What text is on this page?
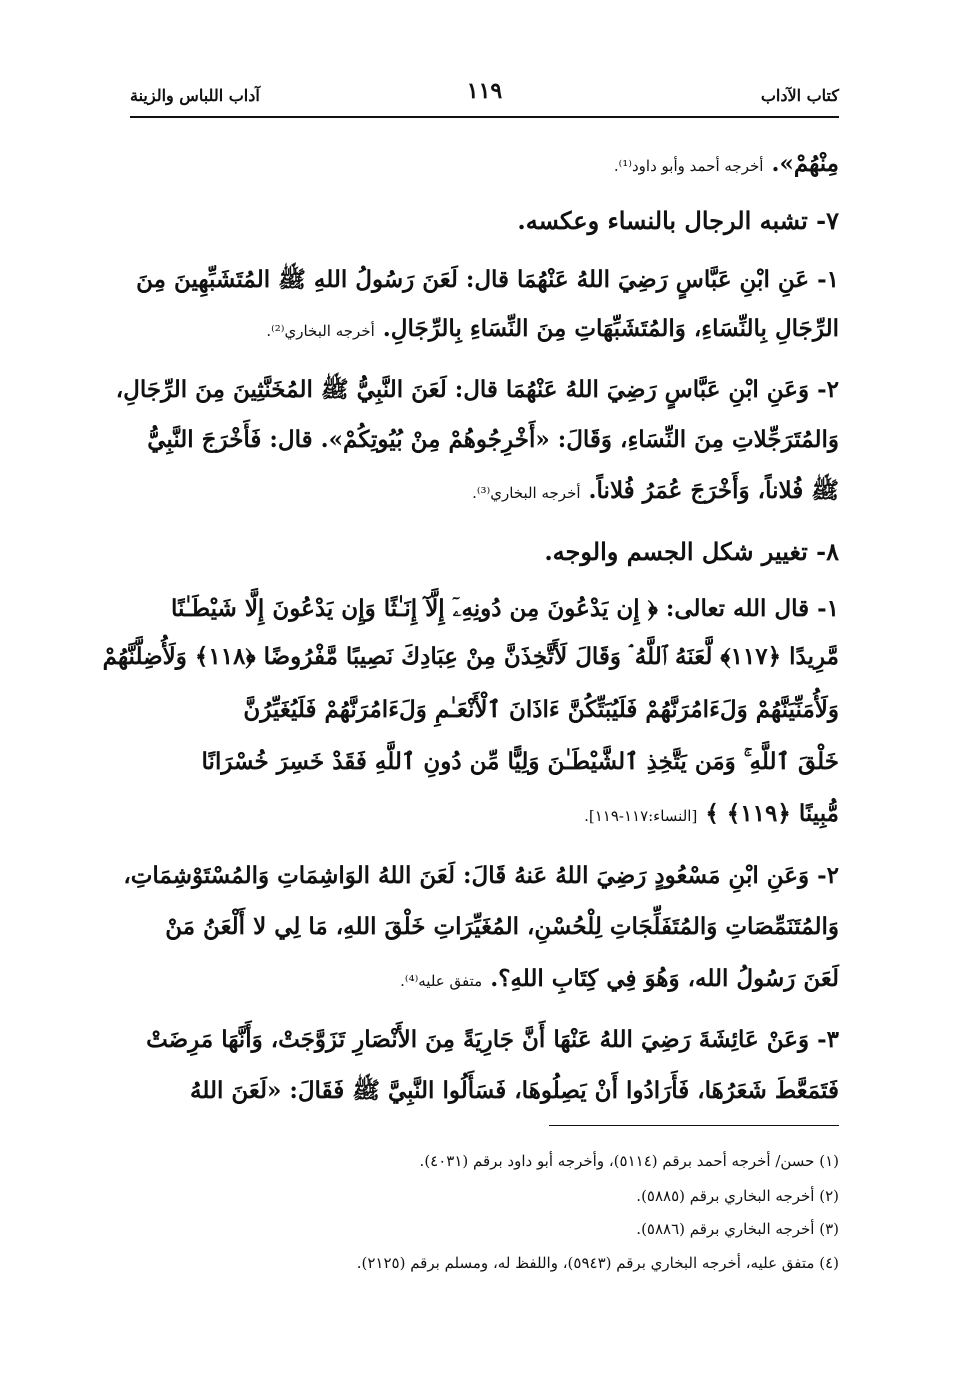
كتاب الآداب
١١٩
آداب اللباس والزينة
مِنْهُمْ». أخرجه أحمد وأبو داود⁽¹⁾.
٧- تشبه الرجال بالنساء وعكسه.
١- عَنِ ابْنِ عَبَّاسٍ رَضِيَ اللهُ عَنْهُمَا قال: لَعَنَ رَسُولُ اللهِ ﷺ المُتَشَبِّهِينَ مِنَ
الرِّجَالِ بِالنِّسَاءِ، وَالمُتَشَبِّهَاتِ مِنَ النِّسَاءِ بِالرِّجَالِ. أخرجه البخاري⁽²⁾.
٢- وَعَنِ ابْنِ عَبَّاسٍ رَضِيَ اللهُ عَنْهُمَا قال: لَعَنَ النَّبِيُّ ﷺ المُخَنَّثِينَ مِنَ الرِّجَالِ،
وَالمُتَرَجِّلاتِ مِنَ النِّسَاءِ، وَقَالَ: «أَخْرِجُوهُمْ مِنْ بُيُوتِكُمْ». قال: فَأَخْرَجَ النَّبِيُّ
ﷺ فُلاناً، وَأَخْرَجَ عُمَرُ فُلاناً. أخرجه البخاري⁽³⁾.
٨- تغيير شكل الجسم والوجه.
١- قال الله تعالى: ﴿ إِن يَدْعُونَ مِن دُونِهِۦٓ إِلَّآ إِنَـٰثًا وَإِن يَدْعُونَ إِلَّا شَيْطَـٰنًا
مَّرِيدًا ﴿١١٧﴾ لَّعَنَهُ ٱللَّهُ ۘ وَقَالَ لَأَتَّخِذَنَّ مِنْ عِبَادِكَ نَصِيبًا مَّفْرُوضًا ﴿١١٨﴾ وَلَأُضِلَّنَّهُمْ
وَلَأُمَنِّيَنَّهُمْ وَلَءَامُرَنَّهُمْ فَلَيُبَتِّكُنَّ ءَاذَانَ ٱلْأَنْعَـٰمِ وَلَءَامُرَنَّهُمْ فَلَيُغَيِّرُنَّ
خَلْقَ ٱللَّهِ ۚ وَمَن يَتَّخِذِ ٱلشَّيْطَـٰنَ وَلِيًّا مِّن دُونِ ٱللَّهِ فَقَدْ خَسِرَ خُسْرَانًا
مُّبِينًا ﴿١١٩﴾ ﴾ [النساء:١١٧-١١٩].
٢- وَعَنِ ابْنِ مَسْعُودٍ رَضِيَ اللهُ عَنهُ قَالَ: لَعَنَ اللهُ الوَاشِمَاتِ وَالمُسْتَوْشِمَاتِ،
وَالمُتَنَمِّصَاتِ وَالمُتَفَلِّجَاتِ لِلْحُسْنِ، المُغَيِّرَاتِ خَلْقَ اللهِ، مَا لِي لا أَلْعَنُ مَنْ
لَعَنَ رَسُولُ الله، وَهُوَ فِي كِتَابِ اللهِ؟. متفق عليه⁽⁴⁾.
٣- وَعَنْ عَائِشَةَ رَضِيَ اللهُ عَنْهَا أَنَّ جَارِيَةً مِنَ الأَنْصَارِ تَزَوَّجَتْ، وَأَنَّهَا مَرِضَتْ
فَتَمَعَّطَ شَعَرُهَا، فَأَرَادُوا أَنْ يَصِلُوهَا، فَسَأَلُوا النَّبِيَّ ﷺ فَقَالَ: «لَعَنَ اللهُ
(١) حسن/ أخرجه أحمد برقم (٥١١٤)، وأخرجه أبو داود برقم (٤٠٣١).
(٢) أخرجه البخاري برقم (٥٨٨٥).
(٣) أخرجه البخاري برقم (٥٨٨٦).
(٤) متفق عليه، أخرجه البخاري برقم (٥٩٤٣)، واللفظ له، ومسلم برقم (٢١٢٥).
